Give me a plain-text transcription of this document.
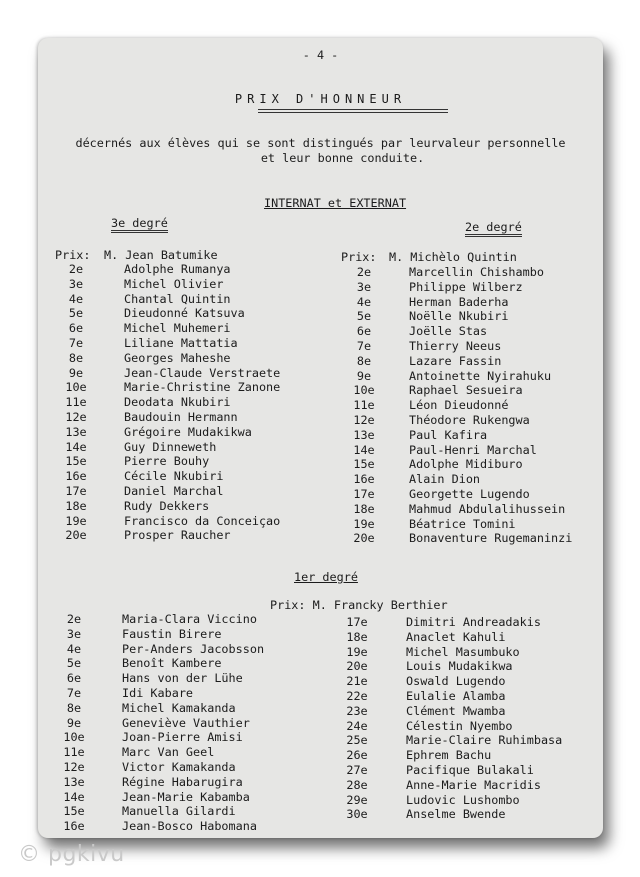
- 4 -
PRIX D'HONNEUR
décernés aux élèves qui se sont distingués par leurvaleur personnelle
et leur bonne conduite.
INTERNAT et EXTERNAT
3e degré	2e degré
Prix: M. Jean Batumike	Prix: M. Michèlo Quintin
2e	Adolphe Rumanya
3e	Michel Olivier
4e	Chantal Quintin
5e	Dieudonné Katsuva
6e	Michel Muhemeri
7e	Liliane Mattatia
8e	Georges Maheshe
9e	Jean-Claude Verstraete
10e	Marie-Christine Zanone
11e	Deodata Nkubiri
12e	Baudouin Hermann
13e	Grégoire Mudakikwa
14e	Guy Dinneweth
15e	Pierre Bouhy
16e	Cécile Nkubiri
17e	Daniel Marchal
18e	Rudy Dekkers
19e	Francisco da Conceiçao
20e	Prosper Raucher
2e	Marcellin Chishambo
3e	Philippe Wilberz
4e	Herman Baderha
5e	Noëlle Nkubiri
6e	Joëlle Stas
7e	Thierry Neeus
8e	Lazare Fassin
9e	Antoinette Nyirahuku
10e	Raphael Sesueira
11e	Léon Dieudonné
12e	Théodore Rukengwa
13e	Paul Kafira
14e	Paul-Henri Marchal
15e	Adolphe Midiburo
16e	Alain Dion
17e	Georgette Lugendo
18e	Mahmud Abdulalihussein
19e	Béatrice Tomini
20e	Bonaventure Rugemaninzi
1er degré
Prix: M. Francky Berthier
2e	Maria-Clara Viccino
3e	Faustin Birere
4e	Per-Anders Jacobsson
5e	Benoît Kambere
6e	Hans von der Lühe
7e	Idi Kabare
8e	Michel Kamakanda
9e	Geneviève Vauthier
10e	Joan-Pierre Amisi
11e	Marc Van Geel
12e	Victor Kamakanda
13e	Régine Habarugira
14e	Jean-Marie Kabamba
15e	Manuella Gilardi
16e	Jean-Bosco Habomana
17e	Dimitri Andreadakis
18e	Anaclet Kahuli
19e	Michel Masumbuko
20e	Louis Mudakikwa
21e	Oswald Lugendo
22e	Eulalie Alamba
23e	Clément Mwamba
24e	Célestin Nyembo
25e	Marie-Claire Ruhimbasa
26e	Ephrem Bachu
27e	Pacifique Bulakali
28e	Anne-Marie Macridis
29e	Ludovic Lushombo
30e	Anselme Bwende
© pgkivu
